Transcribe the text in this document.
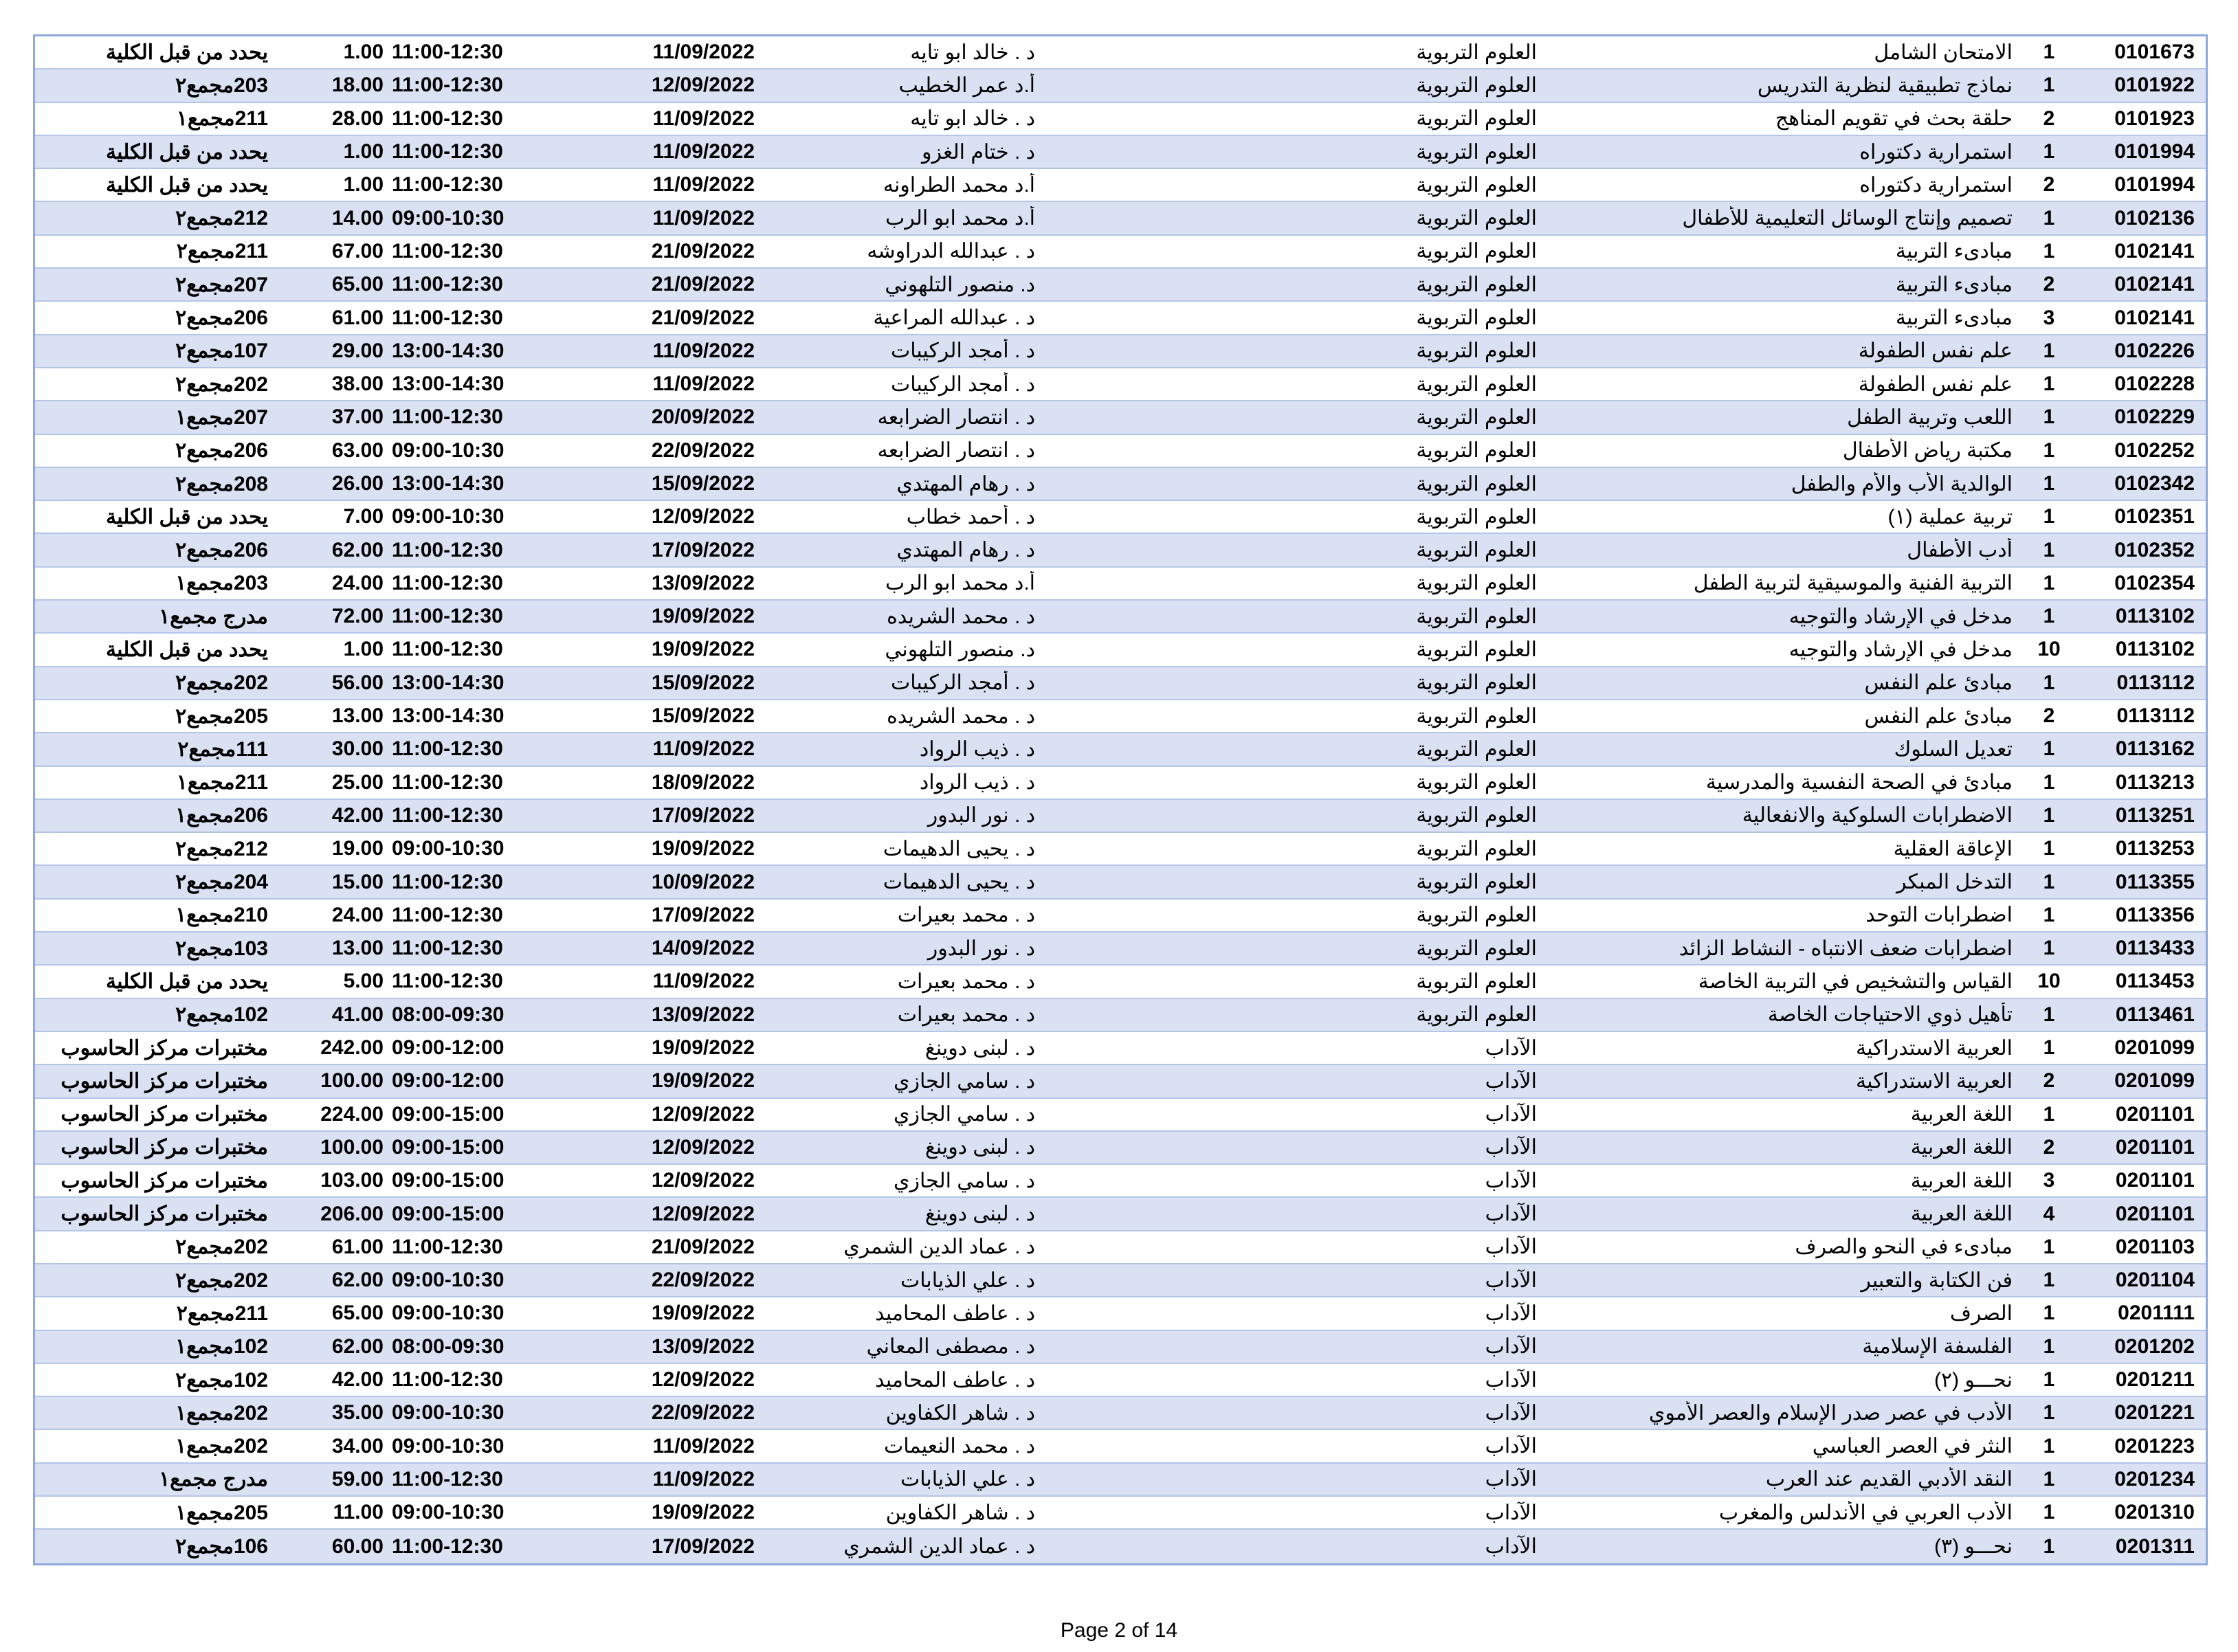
يحدد من قبل الكلية	1.00 11:00-12:30	11/09/2022	د . خالد ابو تايه	العلوم التربوية	الامتحان الشامل	1	0101673
203مجمع٢	18.00 11:00-12:30	12/09/2022	أ.د عمر الخطيب	العلوم التربوية	نماذج تطبيقية لنظرية التدريس	1	0101922
211مجمع١	28.00 11:00-12:30	11/09/2022	د . خالد ابو تايه	العلوم التربوية	حلقة بحث في تقويم المناهج	2	0101923
يحدد من قبل الكلية	1.00 11:00-12:30	11/09/2022	د . ختام الغزو	العلوم التربوية	استمرارية دكتوراه	1	0101994
يحدد من قبل الكلية	1.00 11:00-12:30	11/09/2022	أ.د محمد الطراونه	العلوم التربوية	استمرارية دكتوراه	2	0101994
212مجمع٢	14.00 09:00-10:30	11/09/2022	أ.د محمد ابو الرب	العلوم التربوية	تصميم وإنتاج الوسائل التعليمية للأطفال	1	0102136
211مجمع٢	67.00 11:00-12:30	21/09/2022	د . عبدالله الدراوشه	العلوم التربوية	مبادىء التربية	1	0102141
207مجمع٢	65.00 11:00-12:30	21/09/2022	د. منصور التلهوني	العلوم التربوية	مبادىء التربية	2	0102141
206مجمع٢	61.00 11:00-12:30	21/09/2022	د . عبدالله المراعية	العلوم التربوية	مبادىء التربية	3	0102141
107مجمع٢	29.00 13:00-14:30	11/09/2022	د . أمجد الركيبات	العلوم التربوية	علم نفس الطفولة	1	0102226
202مجمع٢	38.00 13:00-14:30	11/09/2022	د . أمجد الركيبات	العلوم التربوية	علم نفس الطفولة	1	0102228
207مجمع١	37.00 11:00-12:30	20/09/2022	د . انتصار الضرابعه	العلوم التربوية	اللعب وتربية الطفل	1	0102229
206مجمع٢	63.00 09:00-10:30	22/09/2022	د . انتصار الضرابعه	العلوم التربوية	مكتبة رياض الأطفال	1	0102252
208مجمع٢	26.00 13:00-14:30	15/09/2022	د . رهام المهتدي	العلوم التربوية	الوالدية الأب والأم والطفل	1	0102342
يحدد من قبل الكلية	7.00 09:00-10:30	12/09/2022	د . أحمد خطاب	العلوم التربوية	تربية عملية (١)	1	0102351
206مجمع٢	62.00 11:00-12:30	17/09/2022	د . رهام المهتدي	العلوم التربوية	أدب الأطفال	1	0102352
203مجمع١	24.00 11:00-12:30	13/09/2022	أ.د محمد ابو الرب	العلوم التربوية	التربية الفنية والموسيقية لتربية الطفل	1	0102354
مدرج مجمع١	72.00 11:00-12:30	19/09/2022	د . محمد الشريده	العلوم التربوية	مدخل في الإرشاد والتوجيه	1	0113102
يحدد من قبل الكلية	1.00 11:00-12:30	19/09/2022	د. منصور التلهوني	العلوم التربوية	مدخل في الإرشاد والتوجيه	10	0113102
202مجمع٢	56.00 13:00-14:30	15/09/2022	د . أمجد الركيبات	العلوم التربوية	مبادئ علم النفس	1	0113112
205مجمع٢	13.00 13:00-14:30	15/09/2022	د . محمد الشريده	العلوم التربوية	مبادئ علم النفس	2	0113112
111مجمع٢	30.00 11:00-12:30	11/09/2022	د . ذيب الرواد	العلوم التربوية	تعديل السلوك	1	0113162
211مجمع١	25.00 11:00-12:30	18/09/2022	د . ذيب الرواد	العلوم التربوية	مبادئ في الصحة النفسية والمدرسية	1	0113213
206مجمع١	42.00 11:00-12:30	17/09/2022	د . نور البدور	العلوم التربوية	الاضطرابات السلوكية والانفعالية	1	0113251
212مجمع٢	19.00 09:00-10:30	19/09/2022	د . يحيى الدهيمات	العلوم التربوية	الإعاقة العقلية	1	0113253
204مجمع٢	15.00 11:00-12:30	10/09/2022	د . يحيى الدهيمات	العلوم التربوية	التدخل المبكر	1	0113355
210مجمع١	24.00 11:00-12:30	17/09/2022	د . محمد بعيرات	العلوم التربوية	اضطرابات التوحد	1	0113356
103مجمع٢	13.00 11:00-12:30	14/09/2022	د . نور البدور	العلوم التربوية	اضطرابات ضعف الانتباه - النشاط الزائد	1	0113433
يحدد من قبل الكلية	5.00 11:00-12:30	11/09/2022	د . محمد بعيرات	العلوم التربوية	القياس والتشخيص في التربية الخاصة	10	0113453
102مجمع٢	41.00 08:00-09:30	13/09/2022	د . محمد بعيرات	العلوم التربوية	تأهيل ذوي الاحتياجات الخاصة	1	0113461
مختبرات مركز الحاسوب	242.00 09:00-12:00	19/09/2022	د . لبنى دوينغ	الآداب	العربية الاستدراكية	1	0201099
مختبرات مركز الحاسوب	100.00 09:00-12:00	19/09/2022	د . سامي الجازي	الآداب	العربية الاستدراكية	2	0201099
مختبرات مركز الحاسوب	224.00 09:00-15:00	12/09/2022	د . سامي الجازي	الآداب	اللغة العربية	1	0201101
مختبرات مركز الحاسوب	100.00 09:00-15:00	12/09/2022	د . لبنى دوينغ	الآداب	اللغة العربية	2	0201101
مختبرات مركز الحاسوب	103.00 09:00-15:00	12/09/2022	د . سامي الجازي	الآداب	اللغة العربية	3	0201101
مختبرات مركز الحاسوب	206.00 09:00-15:00	12/09/2022	د . لبنى دوينغ	الآداب	اللغة العربية	4	0201101
202مجمع٢	61.00 11:00-12:30	21/09/2022	د . عماد الدين الشمري	الآداب	مبادىء في النحو والصرف	1	0201103
202مجمع٢	62.00 09:00-10:30	22/09/2022	د . علي الذيابات	الآداب	فن الكتابة والتعبير	1	0201104
211مجمع٢	65.00 09:00-10:30	19/09/2022	د . عاطف المحاميد	الآداب	الصرف	1	0201111
102مجمع١	62.00 08:00-09:30	13/09/2022	د . مصطفى المعاني	الآداب	الفلسفة الإسلامية	1	0201202
102مجمع٢	42.00 11:00-12:30	12/09/2022	د . عاطف المحاميد	الآداب	نحـــو (٢)	1	0201211
202مجمع١	35.00 09:00-10:30	22/09/2022	د . شاهر الكفاوين	الآداب	الأدب في عصر صدر الإسلام والعصر الأموي	1	0201221
202مجمع١	34.00 09:00-10:30	11/09/2022	د . محمد النعيمات	الآداب	النثر في العصر العباسي	1	0201223
مدرج مجمع١	59.00 11:00-12:30	11/09/2022	د . علي الذيابات	الآداب	النقد الأدبي القديم عند العرب	1	0201234
205مجمع١	11.00 09:00-10:30	19/09/2022	د . شاهر الكفاوين	الآداب	الأدب العربي في الأندلس والمغرب	1	0201310
106مجمع٢	60.00 11:00-12:30	17/09/2022	د . عماد الدين الشمري	الآداب	نحـــو (٣)	1	0201311
Page 2 of 14
